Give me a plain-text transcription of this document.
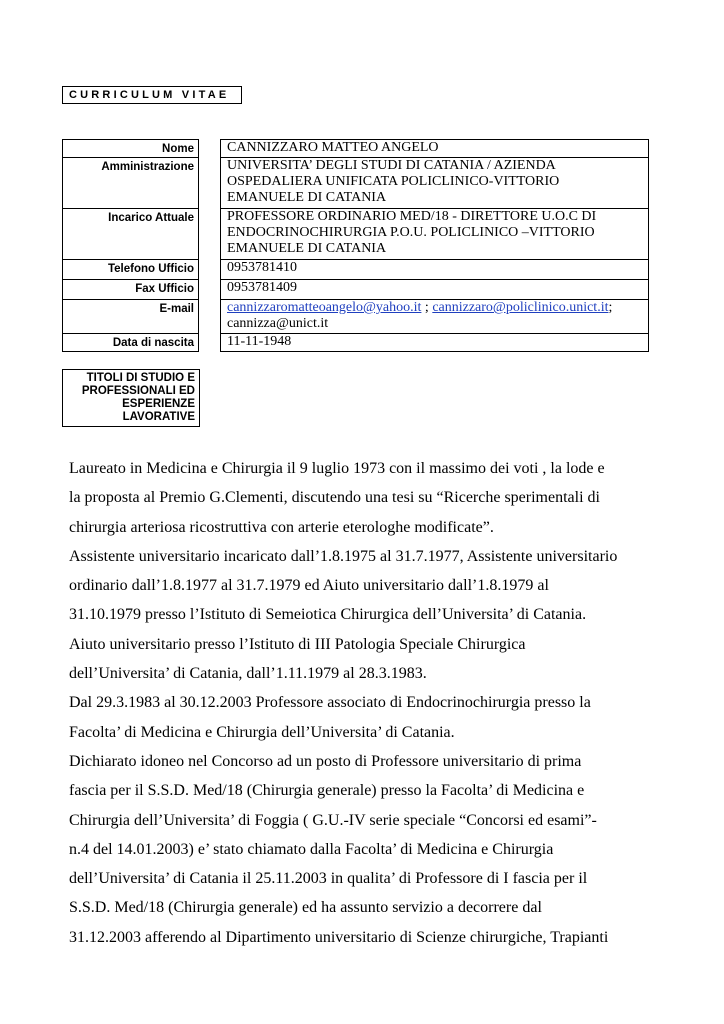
CURRICULUM VITAE
Nome		CANNIZZARO MATTEO ANGELO
Amministrazione		UNIVERSITA’ DEGLI STUDI DI CATANIA / AZIENDA
OSPEDALIERA UNIFICATA POLICLINICO-VITTORIO
EMANUELE DI CATANIA

Incarico Attuale		PROFESSORE ORDINARIO MED/18 - DIRETTORE U.O.C DI
ENDOCRINOCHIRURGIA P.O.U. POLICLINICO –VITTORIO
EMANUELE DI CATANIA

Telefono Ufficio		0953781410
Fax Ufficio		0953781409
E-mail		cannizzaromatteoangelo@yahoo.it ; cannizzaro@policlinico.unict.it;
cannizza@unict.it

Data di nascita		11-11-1948
TITOLI DI STUDIO E
PROFESSIONALI ED
ESPERIENZE
LAVORATIVE

Laureato in Medicina e Chirurgia il 9 luglio 1973 con il massimo dei voti , la lode e

la proposta al Premio G.Clementi, discutendo una tesi su “Ricerche sperimentali di

chirurgia arteriosa ricostruttiva con arterie eterologhe modificate”.

Assistente universitario incaricato dall’1.8.1975 al 31.7.1977, Assistente universitario

ordinario dall’1.8.1977 al 31.7.1979 ed Aiuto universitario dall’1.8.1979 al

31.10.1979 presso l’Istituto di Semeiotica Chirurgica dell’Universita’ di Catania.

Aiuto universitario presso l’Istituto di III Patologia Speciale Chirurgica

dell’Universita’ di Catania, dall’1.11.1979 al 28.3.1983.

Dal 29.3.1983 al 30.12.2003 Professore associato di Endocrinochirurgia presso la

Facolta’ di Medicina e Chirurgia dell’Universita’ di Catania.

Dichiarato idoneo nel Concorso ad un posto di Professore universitario di prima

fascia per il S.S.D. Med/18 (Chirurgia generale) presso la Facolta’ di Medicina e

Chirurgia dell’Universita’ di Foggia ( G.U.-IV serie speciale “Concorsi ed esami”-

n.4 del 14.01.2003) e’ stato chiamato dalla Facolta’ di Medicina e Chirurgia

dell’Universita’ di Catania il 25.11.2003 in qualita’ di Professore di I fascia per il

S.S.D. Med/18 (Chirurgia generale) ed ha assunto servizio a decorrere dal

31.12.2003 afferendo al Dipartimento universitario di Scienze chirurgiche, Trapianti
